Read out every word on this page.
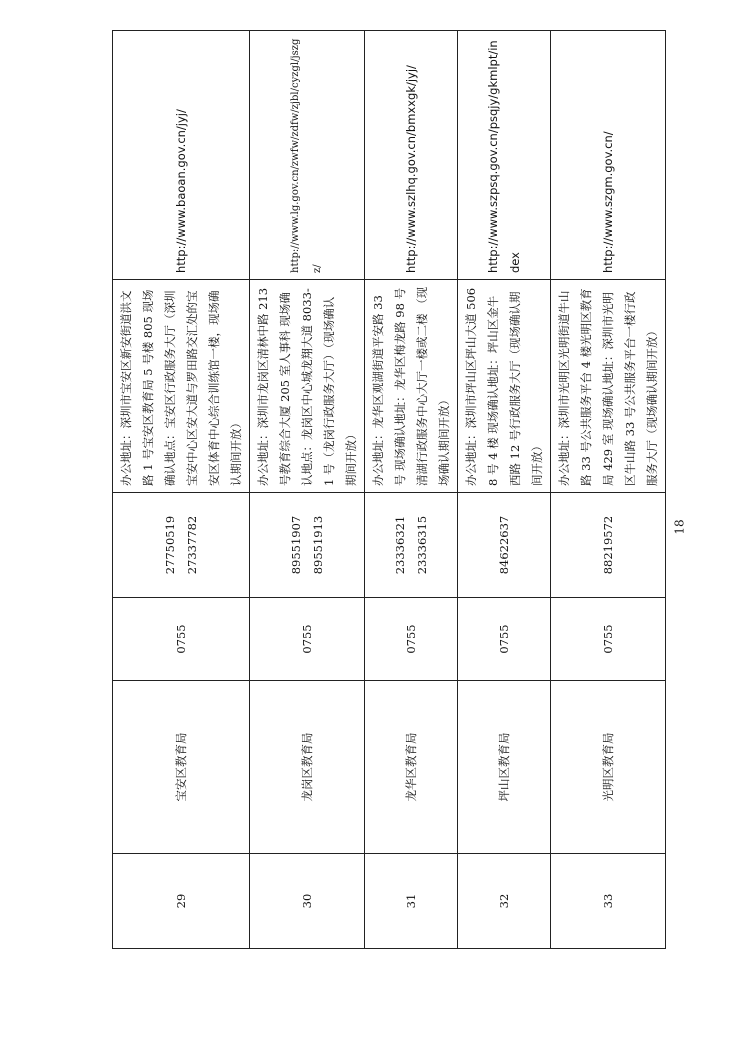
29	宝安区教育局	0755	27750519 27337782	办公地址：深圳市宝安区新安街道洪文路 1 号宝安区教育局 5 号楼 805 现场确认地点：宝安区行政服务大厅（深圳宝安中心区安大道与罗田路交汇处的宝安区体育中心综合训练馆一楼，现场确认期间开放）	http://www.baoan.gov.cn/jyj/	

30	龙岗区教育局	0755	89551907 89551913	办公地址：深圳市龙岗区清林中路 213 号教育综合大厦 205 室人事科 现场确认地点：龙岗区中心城龙翔大道 8033-1 号（龙岗行政服务大厅）（现场确认期间开放）	http://www.lg.gov.cn/zwfw/zdfw/zjbl/cyzgl/jszgz/	

31	龙华区教育局	0755	23336321 23336315	办公地址：龙华区观湖街道平安路 33 号 现场确认地址：龙华区梅龙路 98 号清湖行政服务中心大厅一楼或二楼 （现场确认期间开放）	http://www.szlhq.gov.cn/bmxxgk/jyj/	

32	坪山区教育局	0755	84622637	办公地址：深圳市坪山区坪山大道 5068 号 4 楼 现场确认地址：坪山区金牛西路 12 号行政服务大厅（现场确认期间开放）	http://www.szpsq.gov.cn/psqjy/gkmlpt/index	

33	光明区教育局	0755	88219572	办公地址：深圳市光明区光明街道牛山路 33 号公共服务平台 4 楼光明区教育局 429 室 现场确认地址：深圳市光明区牛山路 33 号公共服务平台一楼行政服务大厅（现场确认期间开放）	http://www.szgm.gov.cn/	

18
